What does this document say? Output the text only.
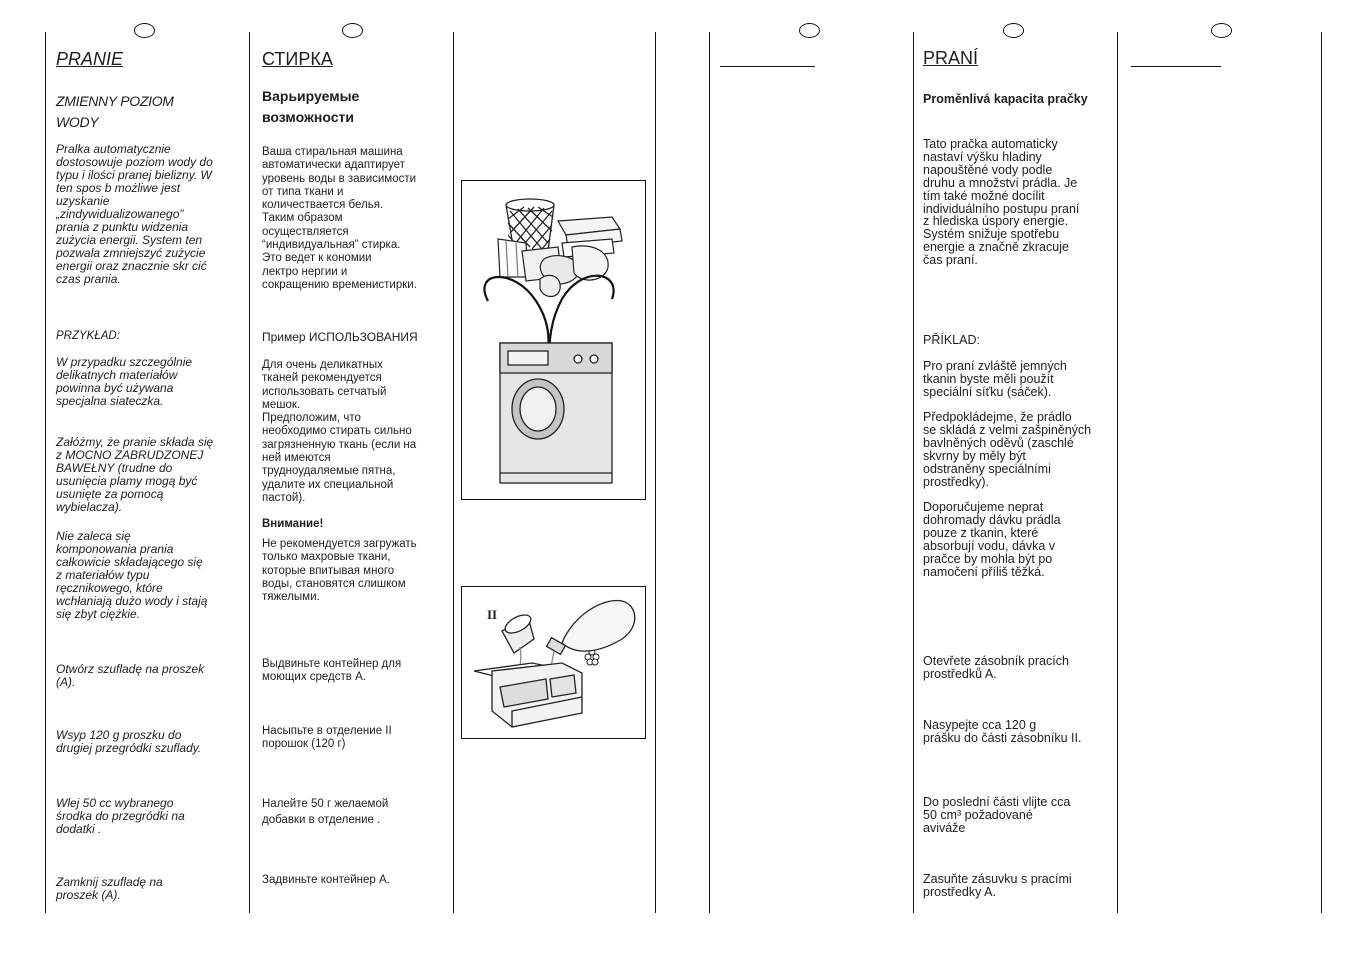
PRANIE

ZMIENNY POZIOM
WODY

Pralka automatycznie
dostosowuje poziom wody do
typu i ilości pranej bielizny. W
ten spos b możliwe jest
uzyskanie
„zindywidualizowanego”
prania z punktu widzenia
zużycia energii. System ten
pozwala zmniejszyć zużycie
energii oraz znacznie skr cić
czas prania.

PRZYKŁAD:

W przypadku szczególnie
delikatnych materiałów
powinna być używana
specjalna siateczka.

Załóżmy, że pranie składa się
z MOCNO ZABRUDZONEJ
BAWEŁNY (trudne do
usunięcia plamy mogą być
usunięte za pomocą
wybielacza).

Nie zaleca się
komponowania prania
całkowicie składającego się
z materiałów typu
ręcznikowego, które
wchłaniają dużo wody i stają
się zbyt ciężkie.

Otwórz szufladę na proszek
(A).

Wsyp 120 g proszku do
drugiej przegródki szuflady.

Wlej 50 cc wybranego
środka do przegródki na
dodatki .

Zamknij szufladę na
proszek (A).

СТИРКА

Варьируемые
возможности

Ваша стиральная машина
автоматически адаптирует
уровень воды в зависимости
от типа ткани и
количествается белья.
Таким образом
осуществляется
“индивидуальная” стирка.
Это ведет к кономии
лектро нергии и
сокращению времени​стирки.

Пример ИСПОЛЬЗОВАНИЯ

Для очень деликатных
тканей рекомендуется
использовать сетчатый
мешок.
Предположим, что
необходимо стирать сильно
загрязненную ткань (если на
ней имеются
трудноудаляемые пятна,
удалите их специальной
пастой).

Внимание!

Не рекомендуется загружать
только махровые ткани,
которые впитывая много
воды, становятся слишком
тяжелыми.

Выдвиньте контейнер для
моющих средств А.

Насыпьте в отделение II
порошок (120 г)

Налейте 50 г желаемой
добавки в отделение .

Задвиньте контейнер А.

II

PRANÍ

Proměnlivá kapacita pračky

Tato pračka automaticky
nastaví výšku hladiny
napouštěné vody podle
druhu a množství prádla. Je
tím také možné docílit
individuálního postupu praní
z hlediska úspory energie.
Systém snižuje spotřebu
energie a značně zkracuje
čas praní.

PŘÍKLAD:

Pro praní zvláště jemných
tkanin byste měli použít
speciální síťku (sáček).

Předpokládejme, že prádlo
se skládá z velmi zašpiněných
bavlněných oděvů (zaschlé
skvrny by měly být
odstraněny speciálními
prostředky).

Doporučujeme neprat
dohromady dávku prádla
pouze z tkanin, které
absorbují vodu, dávka v
pračce by mohla být po
namočení příliš těžká.

Otevřete zásobník pracích
prostředků A.

Nasypejte cca 120 g
prášku do části zásobníku II.

Do poslední části vlijte cca
50 cm³ požadované
aviváže

Zasuňte zásuvku s pracími
prostředky A.
